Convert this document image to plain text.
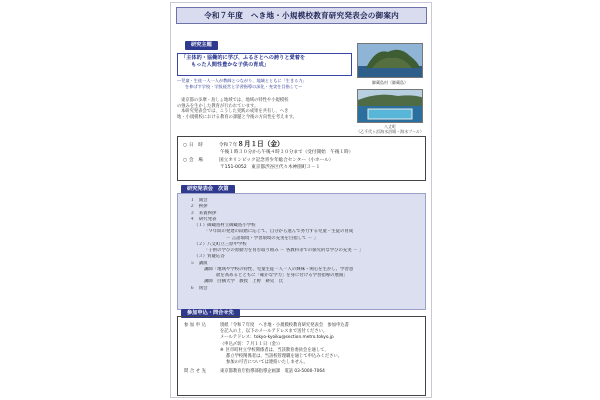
令和７年度　へき地・小規模校教育研究発表会の御案内
研究主題
「主体的・協働的に学び、ふるさとへの誇りと愛着を
もった人間性豊かな子供の育成」
～児童・生徒一人一人が教師とつながり、地域とともに「生きる力」
を伸ばす学校・学級経営と学習指導の深化・充実を目指して～
東京都の多摩・島しょ地域では、地域の特性や小規模校
の強みを生かした教育が行われています。
本研究発表会では、こうした実践の成果を共有し、へき
地・小規模校における教育の課題と今後の方向性を考えます。
御蔵島村（御蔵島）
八丈町
（乙千代ヶ浜海水浴場・海水プール）
○ 日　時	令和７年 ８月１日（金）
午後１時３０分から午後４時３０分まで（受付開始　午後１時）
○ 会　場	国立オリンピック記念青少年総合センター（小ホール）
〒151-0052　東京都渋谷区代々木神園町３－１
研究発表会　次第
１　開会
２　挨拶
３　来賓挨拶
４　研究発表
（１）御蔵島村立御蔵島小学校
「９年間の発達の段階に応じて、自分から進んで努力する児童・生徒の育成
－ 言語環境・学習環境の充実を目指して － 」
（２）八丈町立三原中学校
「子供の学びの原動力を育む取り組み － 各教科等での探究的な学びの充実 － 」
（３）質疑応答
５　講演
講師「地域や学校の特性、児童生徒一人一人の興味・関心を生かし、学習意
欲を高めるとともに「確かな学力」を身に付ける学習指導の展開」
講師　白鷗大学　教授　上野　耕史　氏
６　閉会
参加申込・問合せ先
参加申込	別紙「令和７年度　へき地・小規模校教育研究発表会　参加申込書
を記入の上、以下のメールアドレスまで送付ください。
メールアドレス：tokyo-kyoiku@section.metro.tokyo.jp
（申込〆切：７月１１日（金））
※ 区市町村立学校関係者は、当該教育委員会を通して、
都立学校関係者は、当該校管理職を通じて申込みください。
参加の可否については連絡いたしません。
問合せ先	東京都教育庁指導部指導企画課　電話 03-5000-7064
